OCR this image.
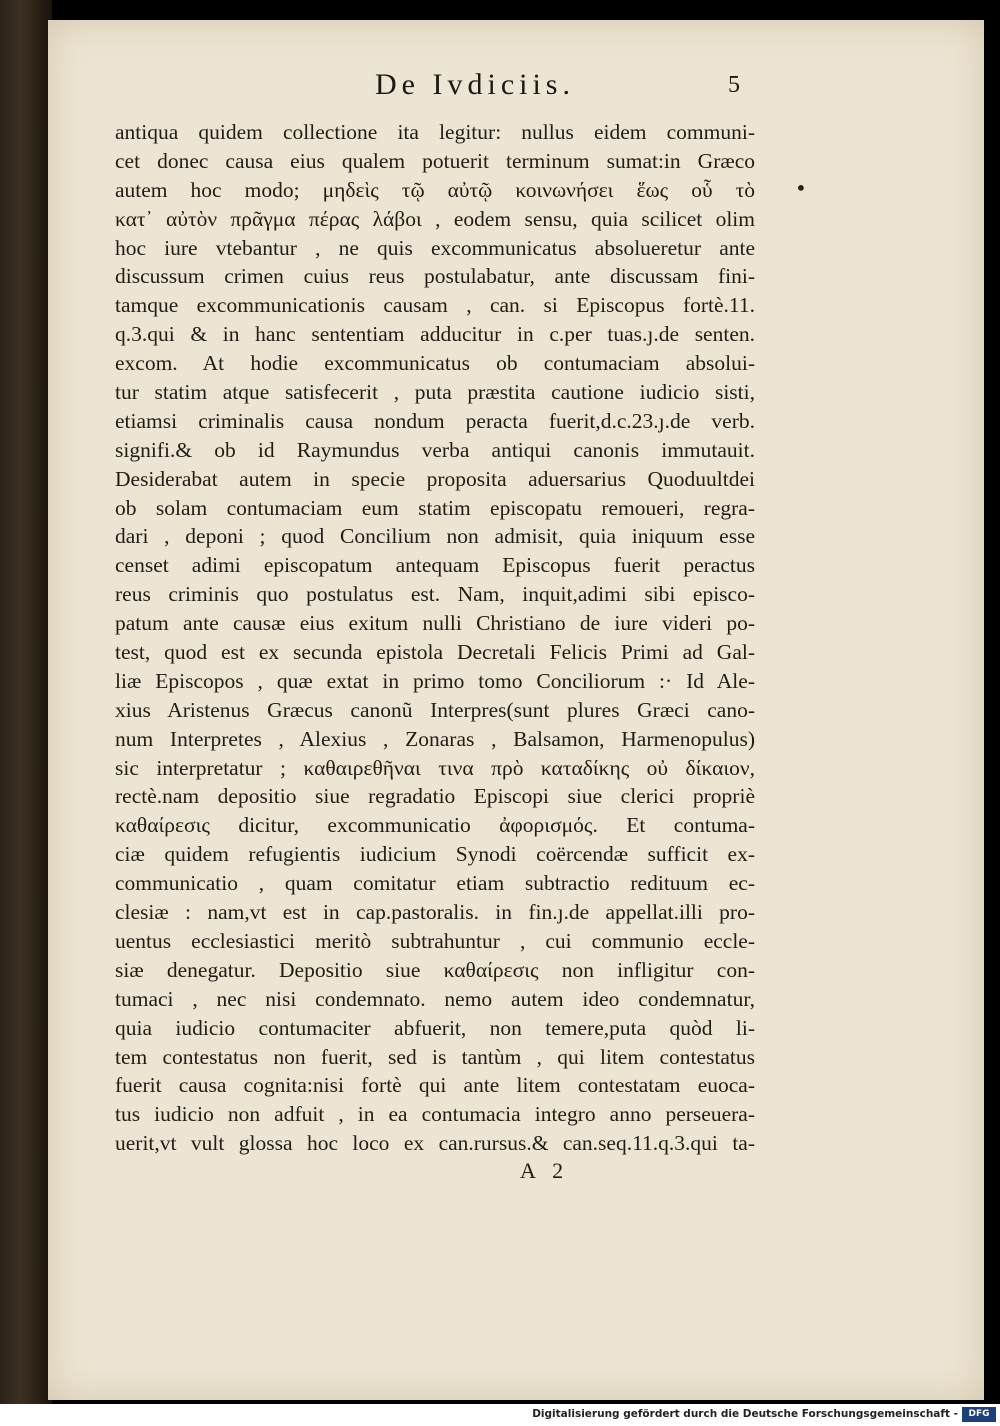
De Ivdiciis.	5
•
antiqua quidem collectione ita legitur: nullus eidem communi-
cet donec causa eius qualem potuerit terminum sumat:in Græco
autem hoc modo; μηδεὶς τῷ αὐτῷ κοινωνήσει ἕως οὗ τὸ
κατ᾽ αὐτὸν πρᾶγμα πέρας λάβοι , eodem sensu, quia scilicet olim
hoc iure vtebantur , ne quis excommunicatus absolueretur ante
discussum crimen cuius reus postulabatur, ante discussam fini-
tamque excommunicationis causam , can. si Episcopus fortè.11.
q.3.qui & in hanc sententiam adducitur in c.per tuas.ȷ.de senten.
excom. At hodie excommunicatus ob contumaciam absolui-
tur statim atque satisfecerit , puta præstita cautione iudicio sisti,
etiamsi criminalis causa nondum peracta fuerit,d.c.23.ȷ.de verb.
signifi.& ob id Raymundus verba antiqui canonis immutauit.
Desiderabat autem in specie proposita aduersarius Quoduultdei
ob solam contumaciam eum statim episcopatu remoueri, regra-
dari , deponi ; quod Concilium non admisit, quia iniquum esse
censet adimi episcopatum antequam Episcopus fuerit peractus
reus criminis quo postulatus est. Nam, inquit,adimi sibi episco-
patum ante causæ eius exitum nulli Christiano de iure videri po-
test, quod est ex secunda epistola Decretali Felicis Primi ad Gal-
liæ Episcopos , quæ extat in primo tomo Conciliorum :· Id Ale-
xius Aristenus Græcus canonũ Interpres(sunt plures Græci cano-
num Interpretes , Alexius , Zonaras , Balsamon, Harmenopulus)
sic interpretatur ; καθαιρεθῆναι τινα πρὸ καταδίκης οὐ δίκαιον,
rectè.nam depositio siue regradatio Episcopi siue clerici propriè
καθαίρεσις dicitur, excommunicatio ἀφορισμός. Et contuma-
ciæ quidem refugientis iudicium Synodi coërcendæ sufficit ex-
communicatio , quam comitatur etiam subtractio redituum ec-
clesiæ : nam,vt est in cap.pastoralis. in fin.ȷ.de appellat.illi pro-
uentus ecclesiastici meritò subtrahuntur , cui communio eccle-
siæ denegatur. Depositio siue καθαίρεσις non infligitur con-
tumaci , nec nisi condemnato. nemo autem ideo condemnatur,
quia iudicio contumaciter abfuerit, non temere,puta quòd li-
tem contestatus non fuerit, sed is tantùm , qui litem contestatus
fuerit causa cognita:nisi fortè qui ante litem contestatam euoca-
tus iudicio non adfuit , in ea contumacia integro anno perseuera-
uerit,vt vult glossa hoc loco ex can.rursus.& can.seq.11.q.3.qui ta-
A 2
Digitalisierung gefördert durch die Deutsche Forschungsgemeinschaft -	DFG
